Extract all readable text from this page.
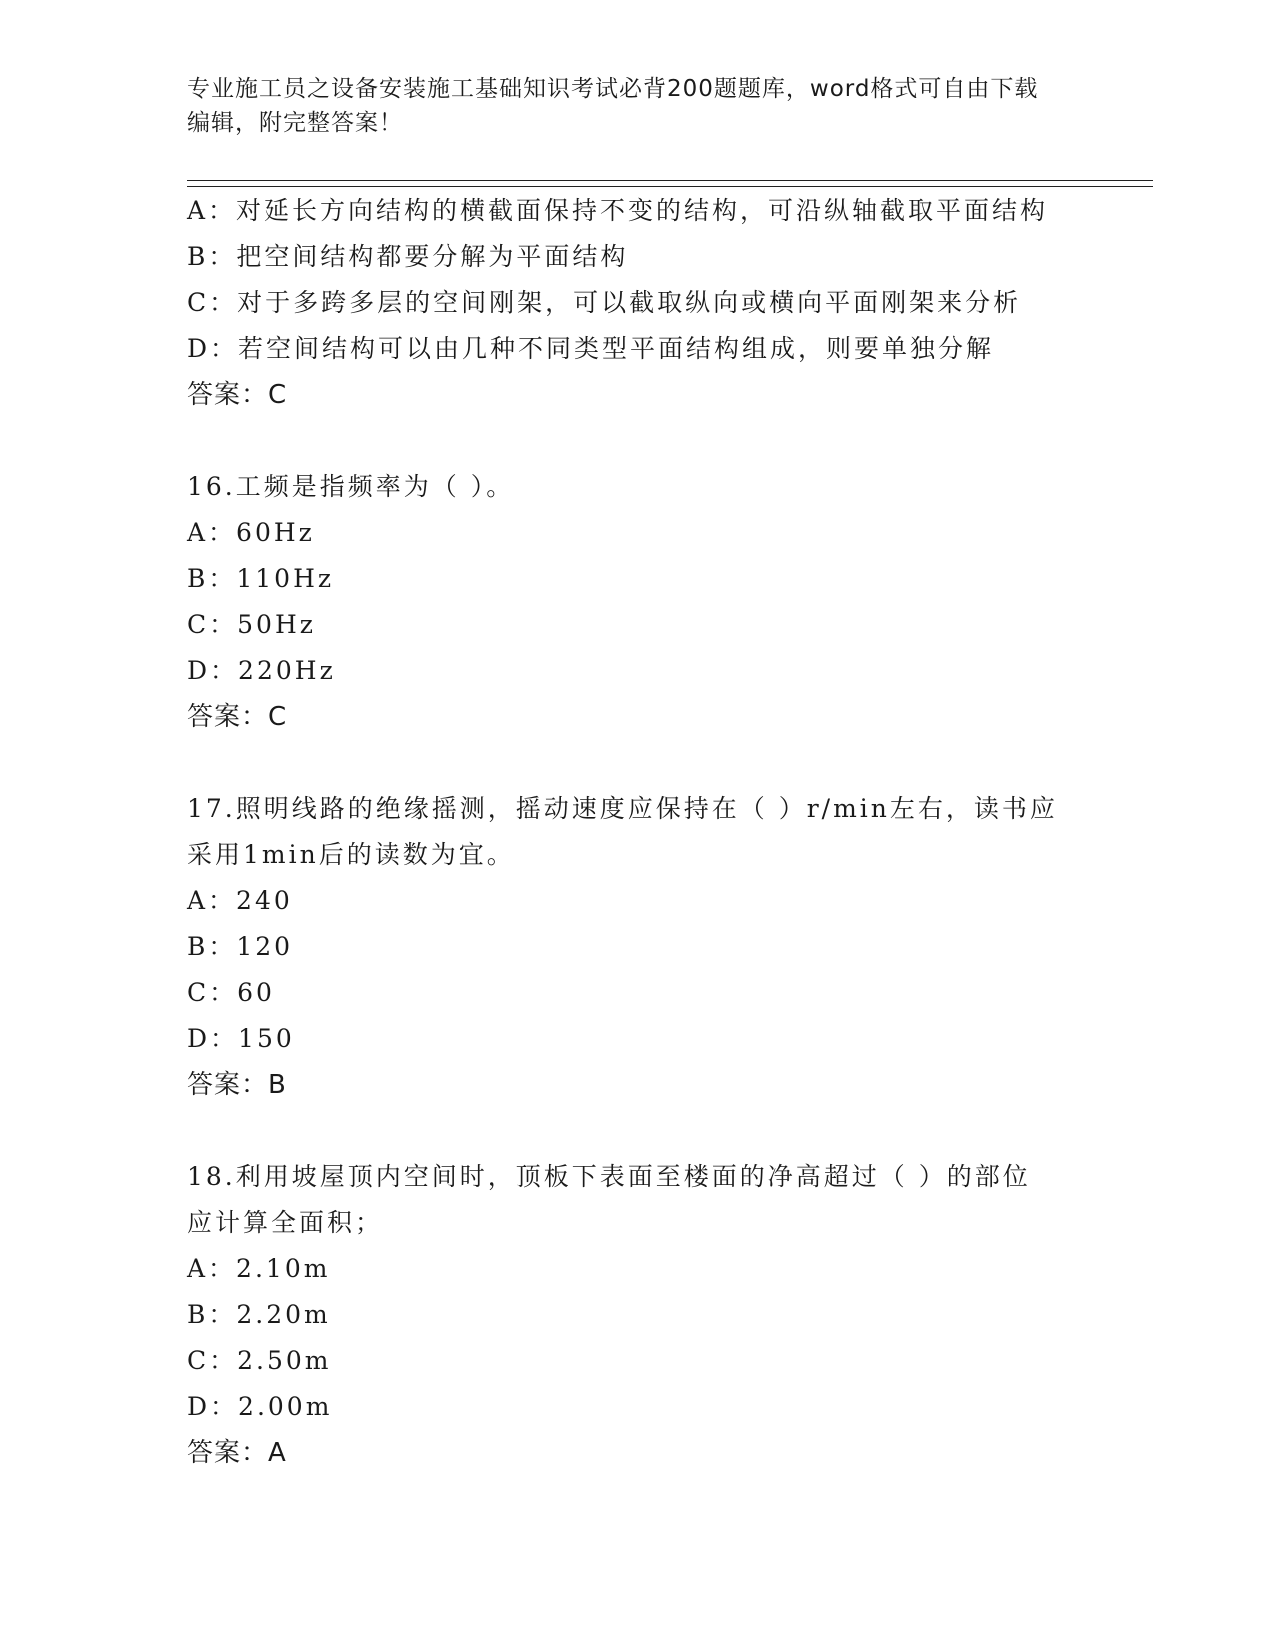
专业施工员之设备安装施工基础知识考试必背200题题库，word格式可自由下载
编辑，附完整答案！
A：对延长方向结构的横截面保持不变的结构，可沿纵轴截取平面结构
B：把空间结构都要分解为平面结构
C：对于多跨多层的空间刚架，可以截取纵向或横向平面刚架来分析
D：若空间结构可以由几种不同类型平面结构组成，则要单独分解
答案：C
16.工频是指频率为（ ）。
A：60Hz
B：110Hz
C：50Hz
D：220Hz
答案：C
17.照明线路的绝缘摇测，摇动速度应保持在（ ）r/min左右，读书应
采用1min后的读数为宜。
A：240
B：120
C：60
D：150
答案：B
18.利用坡屋顶内空间时，顶板下表面至楼面的净高超过（ ）的部位
应计算全面积；
A：2.10m
B：2.20m
C：2.50m
D：2.00m
答案：A
